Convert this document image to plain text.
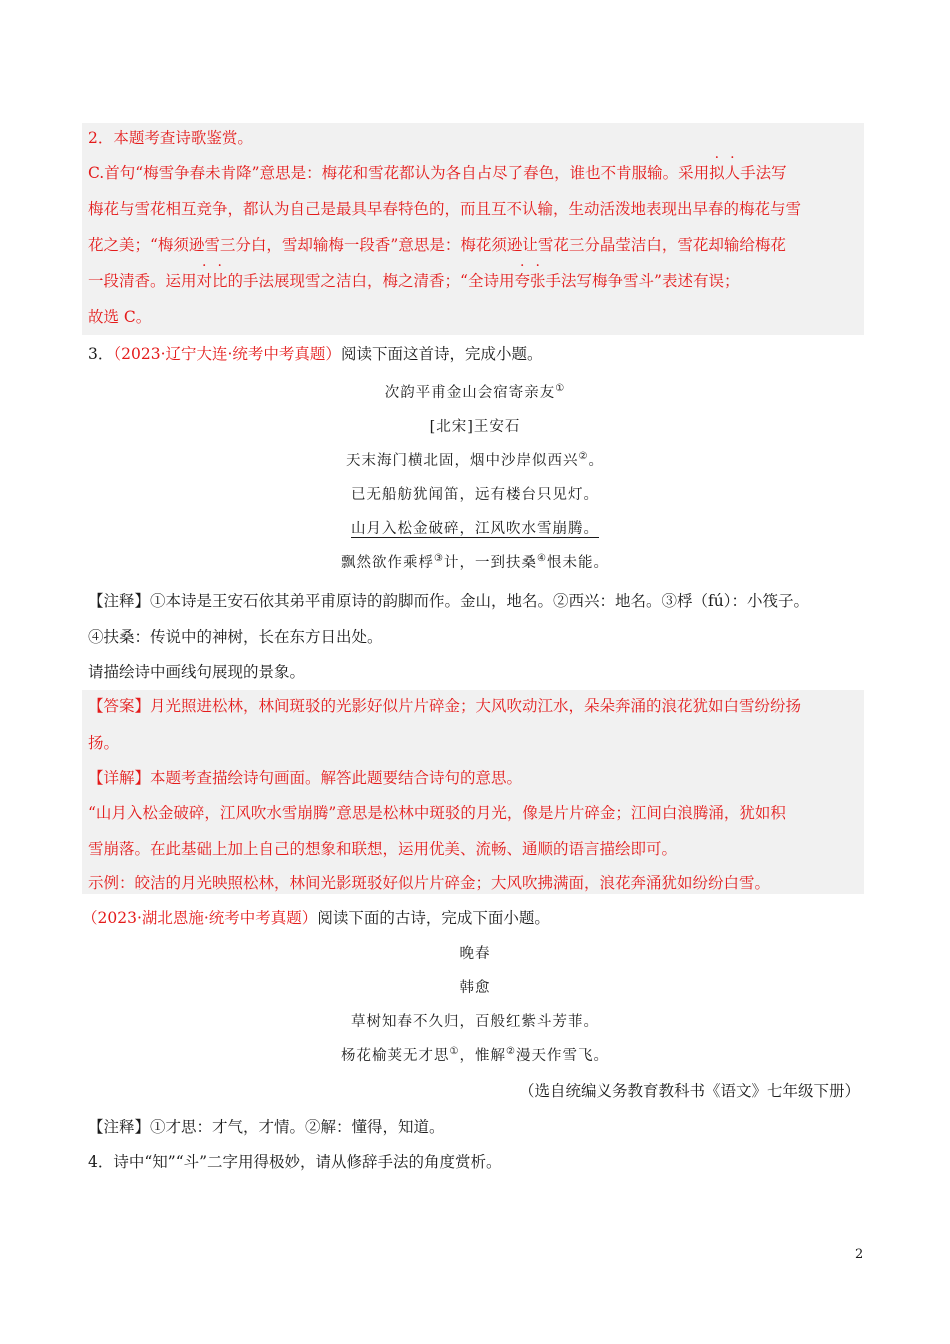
2．本题考查诗歌鉴赏。
C.首句“梅雪争春未肯降”意思是：梅花和雪花都认为各自占尽了春色，谁也不肯服输。采用拟人手法写
梅花与雪花相互竞争，都认为自己是最具早春特色的，而且互不认输，生动活泼地表现出早春的梅花与雪
花之美；“梅须逊雪三分白，雪却输梅一段香”意思是：梅花须逊让雪花三分晶莹洁白，雪花却输给梅花
一段清香。运用对比的手法展现雪之洁白，梅之清香；“全诗用夸张手法写梅争雪斗”表述有误；
故选 C。
3．（2023·辽宁大连·统考中考真题）阅读下面这首诗，完成小题。
次韵平甫金山会宿寄亲友①
[北宋]王安石
天末海门横北固，烟中沙岸似西兴②。
已无船舫犹闻笛，远有楼台只见灯。
山月入松金破碎，江风吹水雪崩腾。
飘然欲作乘桴③计，一到扶桑④恨未能。
【注释】①本诗是王安石依其弟平甫原诗的韵脚而作。金山，地名。②西兴：地名。③桴（fú）：小筏子。
④扶桑：传说中的神树，长在东方日出处。
请描绘诗中画线句展现的景象。
【答案】月光照进松林，林间斑驳的光影好似片片碎金；大风吹动江水，朵朵奔涌的浪花犹如白雪纷纷扬
扬。
【详解】本题考查描绘诗句画面。解答此题要结合诗句的意思。
“山月入松金破碎，江风吹水雪崩腾”意思是松林中斑驳的月光，像是片片碎金；江间白浪腾涌，犹如积
雪崩落。在此基础上加上自己的想象和联想，运用优美、流畅、通顺的语言描绘即可。
示例：皎洁的月光映照松林，林间光影斑驳好似片片碎金；大风吹拂满面，浪花奔涌犹如纷纷白雪。
（2023·湖北恩施·统考中考真题）阅读下面的古诗，完成下面小题。
晚春
韩愈
草树知春不久归，百般红紫斗芳菲。
杨花榆荚无才思①，惟解②漫天作雪飞。
（选自统编义务教育教科书《语文》七年级下册）
【注释】①才思：才气，才情。②解：懂得，知道。
4．诗中“知”“斗”二字用得极妙，请从修辞手法的角度赏析。
2
